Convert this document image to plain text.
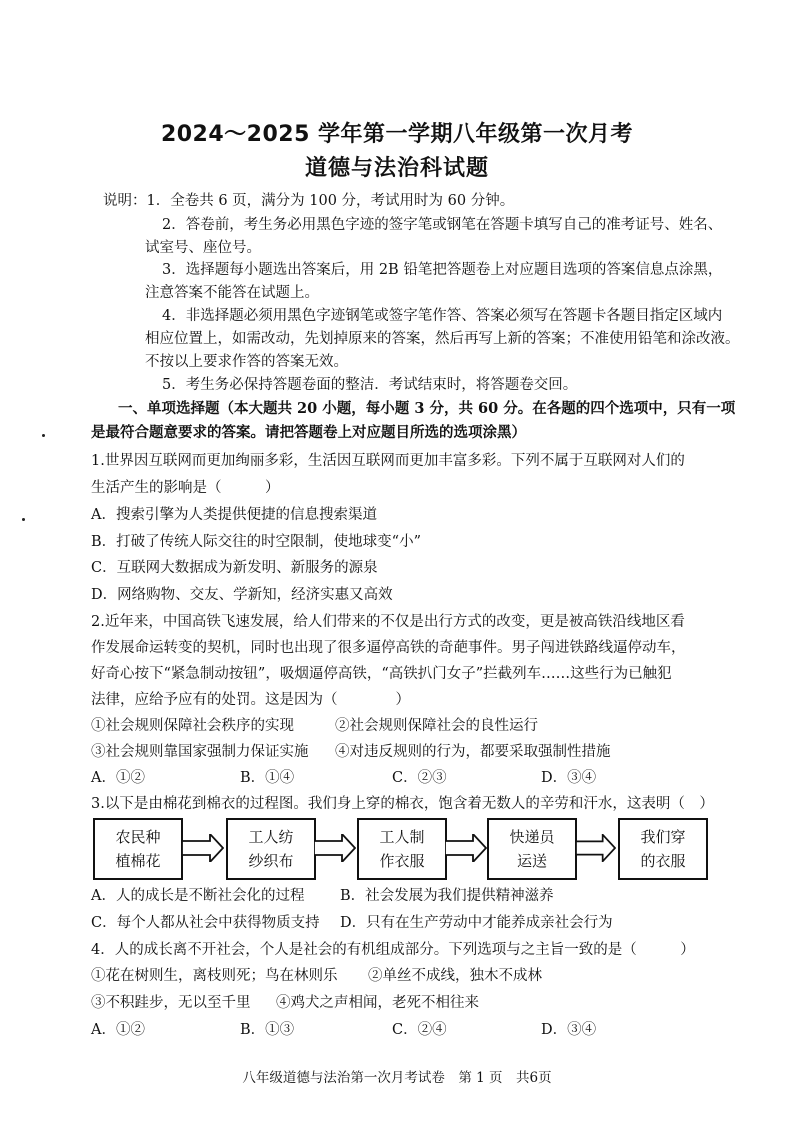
2024～2025 学年第一学期八年级第一次月考
道德与法治科试题
说明：1．全卷共 6 页，满分为 100 分，考试用时为 60 分钟。
2．答卷前，考生务必用黑色字迹的签字笔或钢笔在答题卡填写自己的准考证号、姓名、
试室号、座位号。
3．选择题每小题选出答案后，用 2B 铅笔把答题卷上对应题目选项的答案信息点涂黑，
注意答案不能答在试题上。
4．非选择题必须用黑色字迹钢笔或签字笔作答、答案必须写在答题卡各题目指定区域内
相应位置上，如需改动，先划掉原来的答案，然后再写上新的答案；不准使用铅笔和涂改液。
不按以上要求作答的答案无效。
5．考生务必保持答题卷面的整洁．考试结束时，将答题卷交回。
一、单项选择题（本大题共 20 小题，每小题 3 分，共 60 分。在各题的四个选项中，只有一项
是最符合题意要求的答案。请把答题卷上对应题目所选的选项涂黑）
1.世界因互联网而更加绚丽多彩，生活因互联网而更加丰富多彩。下列不属于互联网对人们的
生活产生的影响是（　　　）
A．搜索引擎为人类提供便捷的信息搜索渠道
B．打破了传统人际交往的时空限制，使地球变“小”
C．互联网大数据成为新发明、新服务的源泉
D．网络购物、交友、学新知，经济实惠又高效
2.近年来，中国高铁飞速发展，给人们带来的不仅是出行方式的改变，更是被高铁沿线地区看
作发展命运转变的契机，同时也出现了很多逼停高铁的奇葩事件。男子闯进铁路线逼停动车，
好奇心按下“紧急制动按钮”，吸烟逼停高铁，“高铁扒门女子”拦截列车……这些行为已触犯
法律，应给予应有的处罚。这是因为（　　　　）
①社会规则保障社会秩序的实现	②社会规则保障社会的良性运行
③社会规则靠国家强制力保证实施 ④对违反规则的行为，都要采取强制性措施
A．①②	B．①④	C．②③	D．③④
3.以下是由棉花到棉衣的过程图。我们身上穿的棉衣，饱含着无数人的辛劳和汗水，这表明（　）
农民种
植棉花
工人纺
纱织布
工人制
作衣服
快递员
运送
我们穿
的衣服
A．人的成长是不断社会化的过程 B．社会发展为我们提供精神滋养
C．每个人都从社会中获得物质支持 D．只有在生产劳动中才能养成亲社会行为
4．人的成长离不开社会，个人是社会的有机组成部分。下列选项与之主旨一致的是（　　　）
①花在树则生，离枝则死；鸟在林则乐 ②单丝不成线，独木不成林
③不积跬步，无以至千里 ④鸡犬之声相闻，老死不相往来
A．①②	B．①③	C．②④	D．③④
八年级道德与法治第一次月考试卷　第 1 页　共6页
